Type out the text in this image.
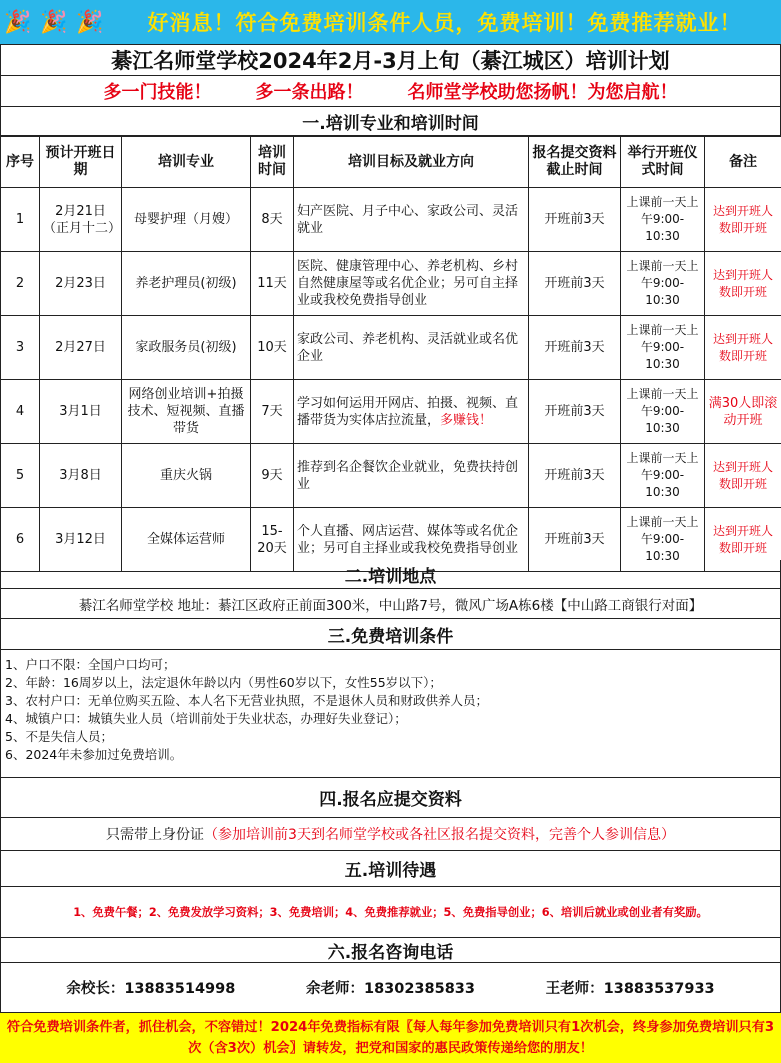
🎉 🎉 🎉	好消息！符合免费培训条件人员，免费培训！免费推荐就业！
綦江名师堂学校2024年2月-3月上旬（綦江城区）培训计划
多一门技能！ 多一条出路！ 名师堂学校助您扬帆！为您启航！
一.培训专业和培训时间
序号	预计开班日期	培训专业	培训时间	培训目标及就业方向	报名提交资料截止时间	举行开班仪式时间	备注
1	2月21日（正月十二）	母婴护理（月嫂）	8天	妇产医院、月子中心、家政公司、灵活就业	开班前3天	上课前一天上午9:00-10:30	达到开班人数即开班
2	2月23日	养老护理员(初级)	11天	医院、健康管理中心、养老机构、乡村自然健康屋等或名优企业；另可自主择业或我校免费指导创业	开班前3天	上课前一天上午9:00-10:30	达到开班人数即开班
3	2月27日	家政服务员(初级)	10天	家政公司、养老机构、灵活就业或名优企业	开班前3天	上课前一天上午9:00-10:30	达到开班人数即开班
4	3月1日	网络创业培训+拍摄技术、短视频、直播带货	7天	学习如何运用开网店、拍摄、视频、直播带货为实体店拉流量，多赚钱！	开班前3天	上课前一天上午9:00-10:30	满30人即滚动开班
5	3月8日	重庆火锅	9天	推荐到名企餐饮企业就业，免费扶持创业	开班前3天	上课前一天上午9:00-10:30	达到开班人数即开班
6	3月12日	全媒体运营师	15-20天	个人直播、网店运营、媒体等或名优企业；另可自主择业或我校免费指导创业	开班前3天	上课前一天上午9:00-10:30	达到开班人数即开班
二.培训地点
綦江名师堂学校 地址：綦江区政府正前面300米，中山路7号，微风广场A栋6楼【中山路工商银行对面】
三.免费培训条件
1、户口不限：全国户口均可；
2、年龄：16周岁以上，法定退休年龄以内（男性60岁以下，女性55岁以下）；
3、农村户口：无单位购买五险、本人名下无营业执照，不是退休人员和财政供养人员；
4、城镇户口：城镇失业人员（培训前处于失业状态，办理好失业登记）；
5、不是失信人员；
6、2024年未参加过免费培训。
四.报名应提交资料
只需带上身份证 （参加培训前3天到名师堂学校或各社区报名提交资料，完善个人参训信息）
五.培训待遇
1、免费午餐；2、免费发放学习资料；3、免费培训；4、免费推荐就业；5、免费指导创业；6、培训后就业或创业者有奖励。
六.报名咨询电话
余校长：13883514998	余老师：18302385833	王老师：13883537933
符合免费培训条件者，抓住机会，不容错过！2024年免费指标有限〖每人每年参加免费培训只有1次机会，终身参加免费培训只有3次（含3次）机会〗请转发，把党和国家的惠民政策传递给您的朋友！
